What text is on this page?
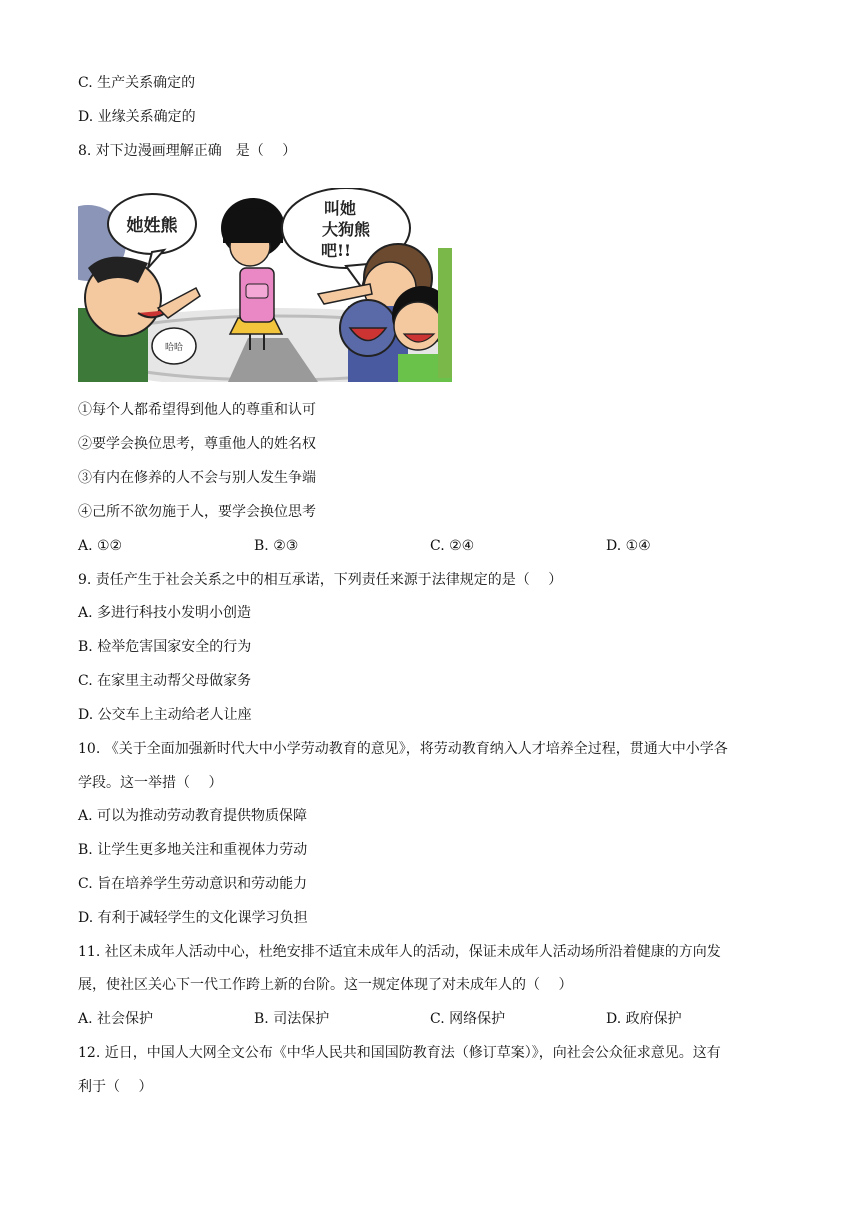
C. 生产关系确定的
D. 业缘关系确定的
8. 对下边漫画理解正确　是（　 ）
她姓熊
哈哈
叫她
大狗熊
吧!!
①每个人都希望得到他人的尊重和认可
②要学会换位思考，尊重他人的姓名权
③有内在修养的人不会与别人发生争端
④己所不欲勿施于人，要学会换位思考
A. ①②	B. ②③	C. ②④	D. ①④
9. 责任产生于社会关系之中的相互承诺，下列责任来源于法律规定的是（　 ）
A. 多进行科技小发明小创造
B. 检举危害国家安全的行为
C. 在家里主动帮父母做家务
D. 公交车上主动给老人让座
10. 《关于全面加强新时代大中小学劳动教育的意见》，将劳动教育纳入人才培养全过程，贯通大中小学各
学段。这一举措（　 ）
A. 可以为推动劳动教育提供物质保障
B. 让学生更多地关注和重视体力劳动
C. 旨在培养学生劳动意识和劳动能力
D. 有利于减轻学生的文化课学习负担
11. 社区未成年人活动中心，杜绝安排不适宜未成年人的活动，保证未成年人活动场所沿着健康的方向发
展，使社区关心下一代工作跨上新的台阶。这一规定体现了对未成年人的（　 ）
A. 社会保护	B. 司法保护	C. 网络保护	D. 政府保护
12. 近日，中国人大网全文公布《中华人民共和国国防教育法（修订草案）》，向社会公众征求意见。这有
利于（　 ）
